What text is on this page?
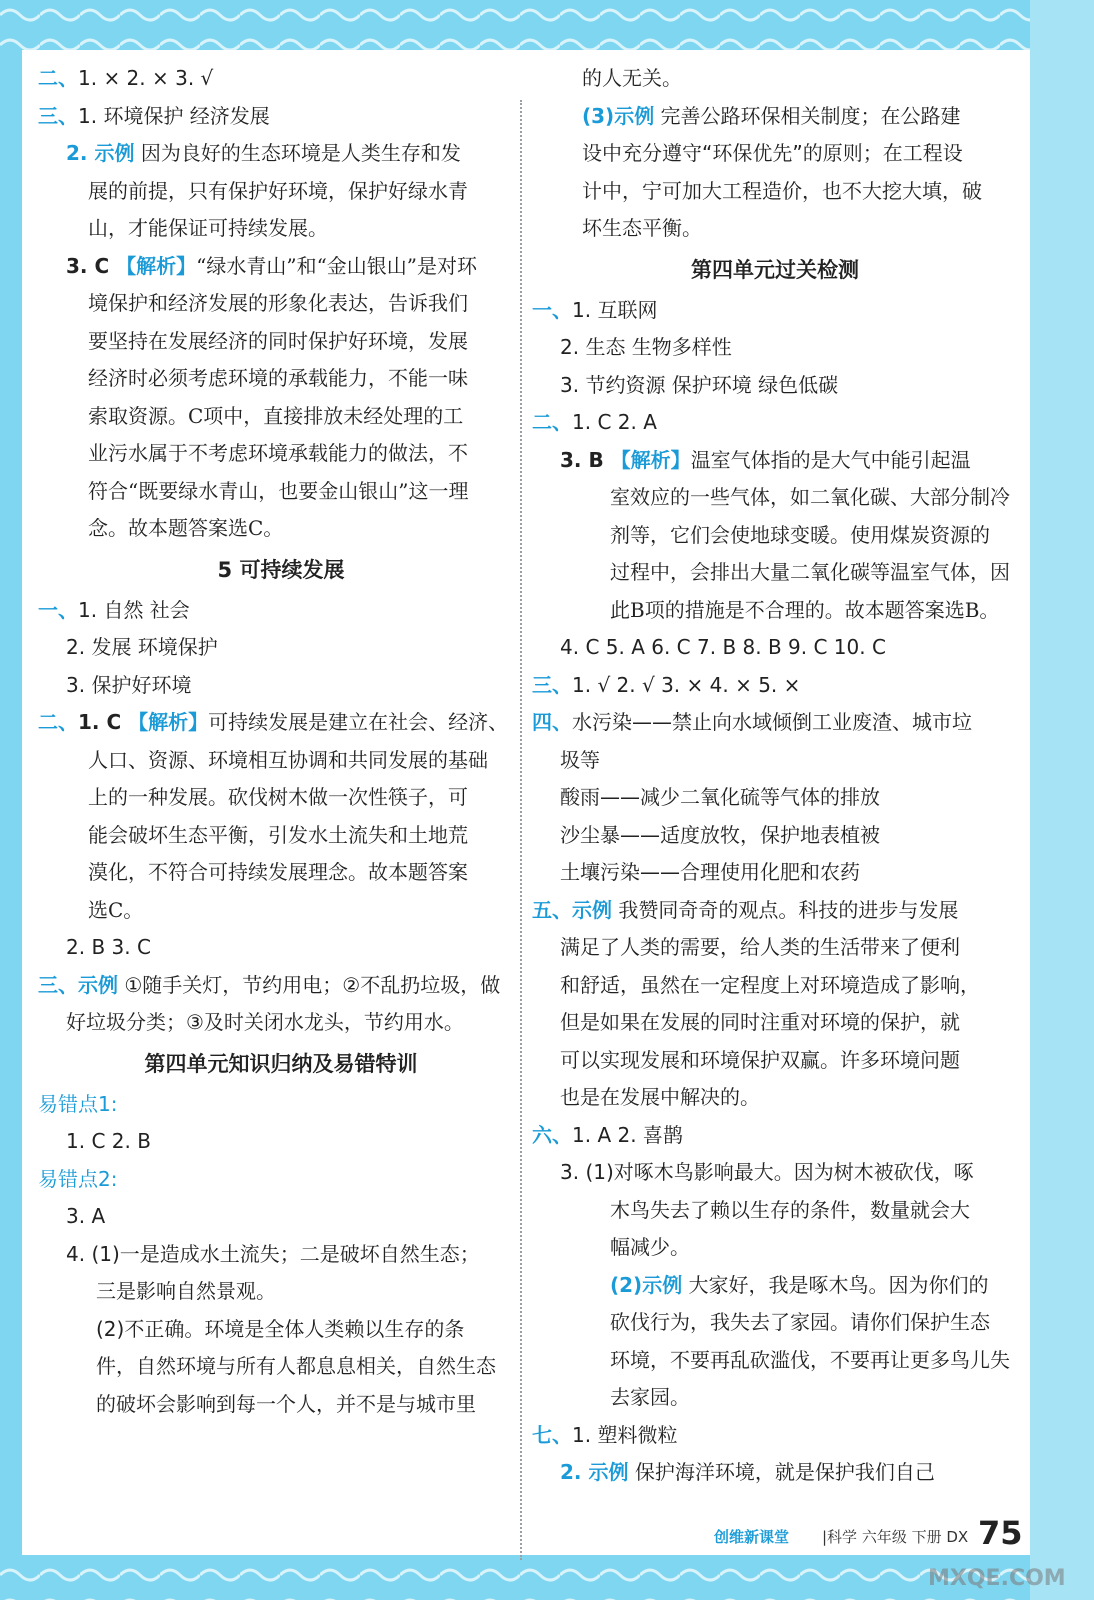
二、1. × 2. × 3. √
三、1. 环境保护 经济发展
2. 示例 因为良好的生态环境是人类生存和发
展的前提，只有保护好环境，保护好绿水青
山，才能保证可持续发展。
3. C 【解析】“绿水青山”和“金山银山”是对环
境保护和经济发展的形象化表达，告诉我们
要坚持在发展经济的同时保护好环境，发展
经济时必须考虑环境的承载能力，不能一味
索取资源。C项中，直接排放未经处理的工
业污水属于不考虑环境承载能力的做法，不
符合“既要绿水青山，也要金山银山”这一理
念。故本题答案选C。
5 可持续发展
一、1. 自然 社会
2. 发展 环境保护
3. 保护好环境
二、1. C 【解析】可持续发展是建立在社会、经济、
人口、资源、环境相互协调和共同发展的基础
上的一种发展。砍伐树木做一次性筷子，可
能会破坏生态平衡，引发水土流失和土地荒
漠化，不符合可持续发展理念。故本题答案
选C。
2. B 3. C
三、示例 ①随手关灯，节约用电；②不乱扔垃圾，做
好垃圾分类；③及时关闭水龙头，节约用水。
第四单元知识归纳及易错特训
易错点1:
1. C 2. B
易错点2:
3. A
4. (1)一是造成水土流失；二是破坏自然生态；
三是影响自然景观。
(2)不正确。环境是全体人类赖以生存的条
件，自然环境与所有人都息息相关，自然生态
的破坏会影响到每一个人，并不是与城市里
的人无关。
(3)示例 完善公路环保相关制度；在公路建
设中充分遵守“环保优先”的原则；在工程设
计中，宁可加大工程造价，也不大挖大填，破
坏生态平衡。
第四单元过关检测
一、1. 互联网
2. 生态 生物多样性
3. 节约资源 保护环境 绿色低碳
二、1. C 2. A
3. B 【解析】温室气体指的是大气中能引起温
室效应的一些气体，如二氧化碳、大部分制冷
剂等，它们会使地球变暖。使用煤炭资源的
过程中，会排出大量二氧化碳等温室气体，因
此B项的措施是不合理的。故本题答案选B。
4. C 5. A 6. C 7. B 8. B 9. C 10. C
三、1. √ 2. √ 3. × 4. × 5. ×
四、水污染——禁止向水域倾倒工业废渣、城市垃
圾等
酸雨——减少二氧化硫等气体的排放
沙尘暴——适度放牧，保护地表植被
土壤污染——合理使用化肥和农药
五、示例 我赞同奇奇的观点。科技的进步与发展
满足了人类的需要，给人类的生活带来了便利
和舒适，虽然在一定程度上对环境造成了影响，
但是如果在发展的同时注重对环境的保护，就
可以实现发展和环境保护双赢。许多环境问题
也是在发展中解决的。
六、1. A 2. 喜鹊
3. (1)对啄木鸟影响最大。因为树木被砍伐，啄
木鸟失去了赖以生存的条件，数量就会大
幅减少。
(2)示例 大家好，我是啄木鸟。因为你们的
砍伐行为，我失去了家园。请你们保护生态
环境，不要再乱砍滥伐，不要再让更多鸟儿失
去家园。
七、1. 塑料微粒
2. 示例 保护海洋环境，就是保护我们自己
创维新课堂 |科学 六年级 下册 DX 75
MXQE.COM
